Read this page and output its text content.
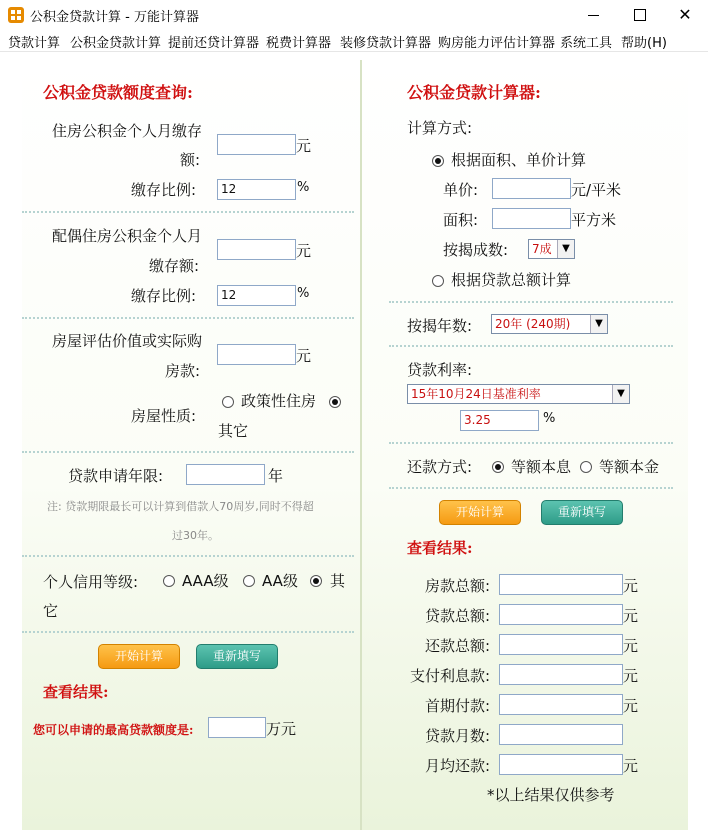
公积金贷款计算 - 万能计算器	✕
贷款计算 公积金贷款计算 提前还贷计算器 税费计算器 装修贷款计算器 购房能力评估计算器 系统工具 帮助(H)
公积金贷款额度查询:
住房公积金个人月缴存
额:
元
缴存比例:	12	%
配偶住房公积金个人月
缴存额:
元
缴存比例:	12	%
房屋评估价值或实际购
房款:
元
房屋性质:
政策性住房
其它
贷款申请年限:	年
注: 贷款期限最长可以计算到借款人70周岁,同时不得超
过30年。
个人信用等级:	AAA级 AA级 其
它
开始计算	重新填写
查看结果:
您可以申请的最高贷款额度是:	万元
公积金贷款计算器:
计算方式:
根据面积、单价计算
单价:	元/平米
面积:	平方米
按揭成数:	7成	▼
根据贷款总额计算
按揭年数:	20年 (240期)	▼
贷款利率:
15年10月24日基准利率	▼
3.25	%
还款方式:	等额本息 等额本金
开始计算	重新填写
查看结果:
房款总额:	元
贷款总额:	元
还款总额:	元
支付利息款:	元
首期付款:	元
贷款月数:
月均还款:	元
*以上结果仅供参考
